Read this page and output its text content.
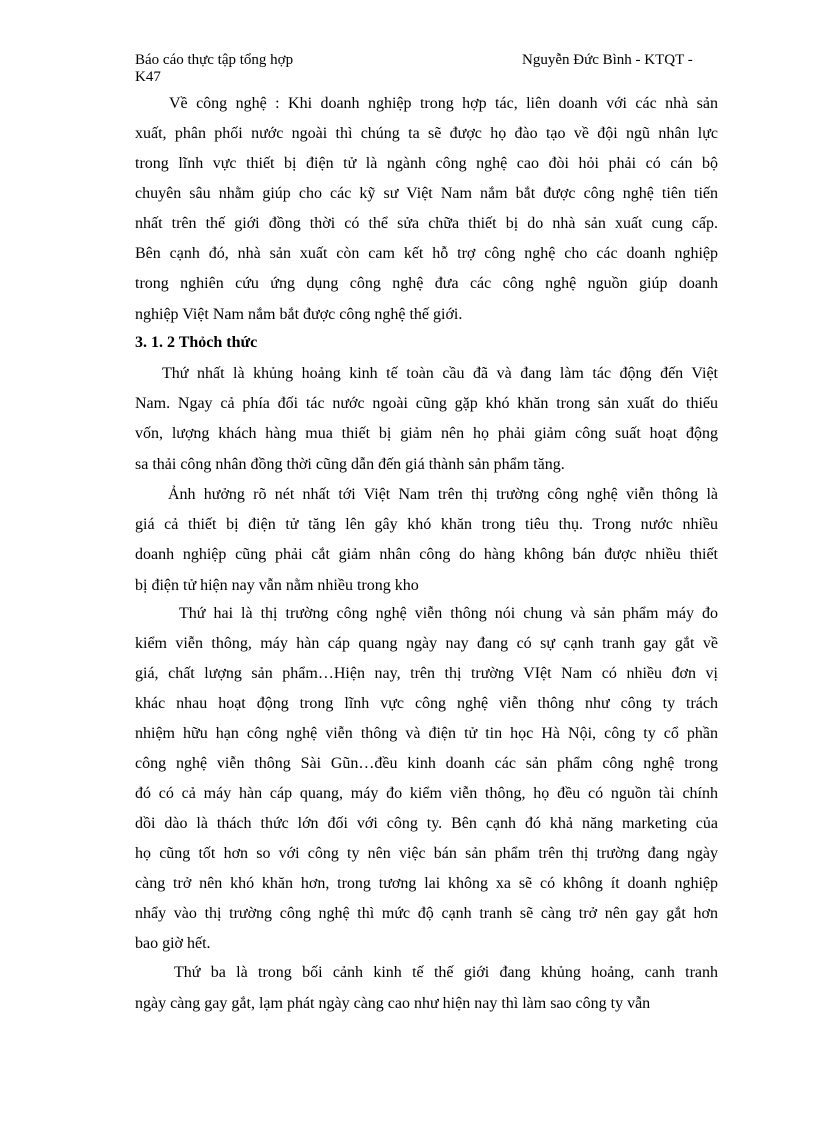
Báo cáo thực tập tổng hợp	Nguyễn Đức Bình - KTQT -
K47
Về công nghệ : Khi doanh nghiệp trong hợp tác, liên doanh với các nhà sản
xuất, phân phối nước ngoài thì chúng ta sẽ được họ đào tạo về đội ngũ nhân lực
trong lĩnh vực thiết bị điện tử là ngành công nghệ cao đòi hỏi phải có cán bộ
chuyên sâu nhằm giúp cho các kỹ sư Việt Nam nắm bắt được công nghệ tiên tiến
nhất trên thế giới đồng thời có thể sửa chữa thiết bị do nhà sản xuất cung cấp.
Bên cạnh đó, nhà sản xuất còn cam kết hỗ trợ công nghệ cho các doanh nghiệp
trong nghiên cứu ứng dụng công nghệ đưa các công nghệ nguồn giúp doanh
nghiệp Việt Nam nắm bắt được công nghệ thế giới.
3. 1. 2 Thỏch thức
Thứ nhất là khủng hoảng kinh tế toàn cầu đã và đang làm tác động đến Việt
Nam. Ngay cả phía đối tác nước ngoài cũng gặp khó khăn trong sản xuất do thiếu
vốn, lượng khách hàng mua thiết bị giảm nên họ phải giảm công suất hoạt động
sa thải công nhân đồng thời cũng dẫn đến giá thành sản phẩm tăng.
Ảnh hưởng rõ nét nhất tới Việt Nam trên thị trường công nghệ viễn thông là
giá cả thiết bị điện tử tăng lên gây khó khăn trong tiêu thụ. Trong nước nhiều
doanh nghiệp cũng phải cắt giảm nhân công do hàng không bán được nhiều thiết
bị điện tử hiện nay vẫn nằm nhiều trong kho
Thứ hai là thị trường công nghệ viễn thông nói chung và sản phẩm máy đo
kiểm viễn thông, máy hàn cáp quang ngày nay đang có sự cạnh tranh gay gắt về
giá, chất lượng sản phẩm…Hiện nay, trên thị trường VIệt Nam có nhiều đơn vị
khác nhau hoạt động trong lĩnh vực công nghệ viễn thông như công ty trách
nhiệm hữu hạn công nghệ viễn thông và điện tử tin học Hà Nội, công ty cổ phần
công nghệ viễn thông Sài Gũn…đều kinh doanh các sản phẩm công nghệ trong
đó có cả máy hàn cáp quang, máy đo kiểm viễn thông, họ đều có nguồn tài chính
dồi dào là thách thức lớn đối với công ty. Bên cạnh đó khả năng marketing của
họ cũng tốt hơn so với công ty nên việc bán sản phẩm trên thị trường đang ngày
càng trở nên khó khăn hơn, trong tương lai không xa sẽ có không ít doanh nghiệp
nhẩy vào thị trường công nghệ thì mức độ cạnh tranh sẽ càng trở nên gay gắt hơn
bao giờ hết.
Thứ ba là trong bối cảnh kinh tế thế giới đang khủng hoảng, canh tranh
ngày càng gay gắt, lạm phát ngày càng cao như hiện nay thì làm sao công ty vẫn
